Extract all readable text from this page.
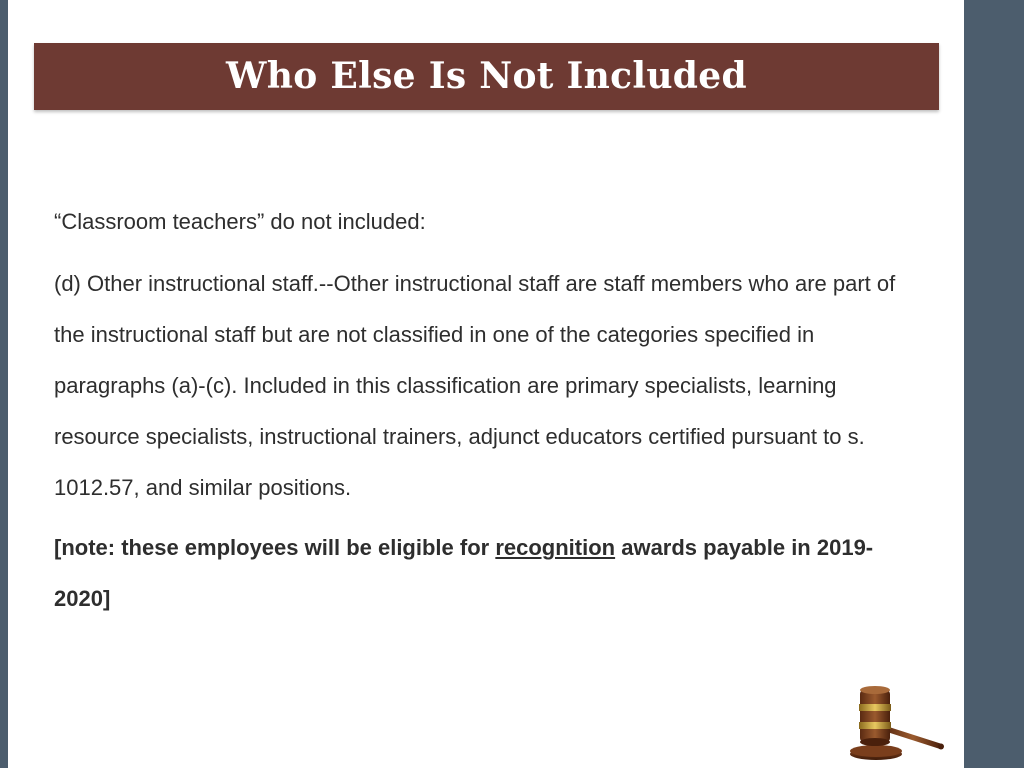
Who Else Is Not Included

“Classroom teachers” do not included:

(d) Other instructional staff.--Other instructional staff are staff members who are part of the instructional staff but are not classified in one of the categories specified in paragraphs (a)-(c). Included in this classification are primary specialists, learning resource specialists, instructional trainers, adjunct educators certified pursuant to s. 1012.57, and similar positions.

[note: these employees will be eligible for recognition awards payable in 2019-2020]
